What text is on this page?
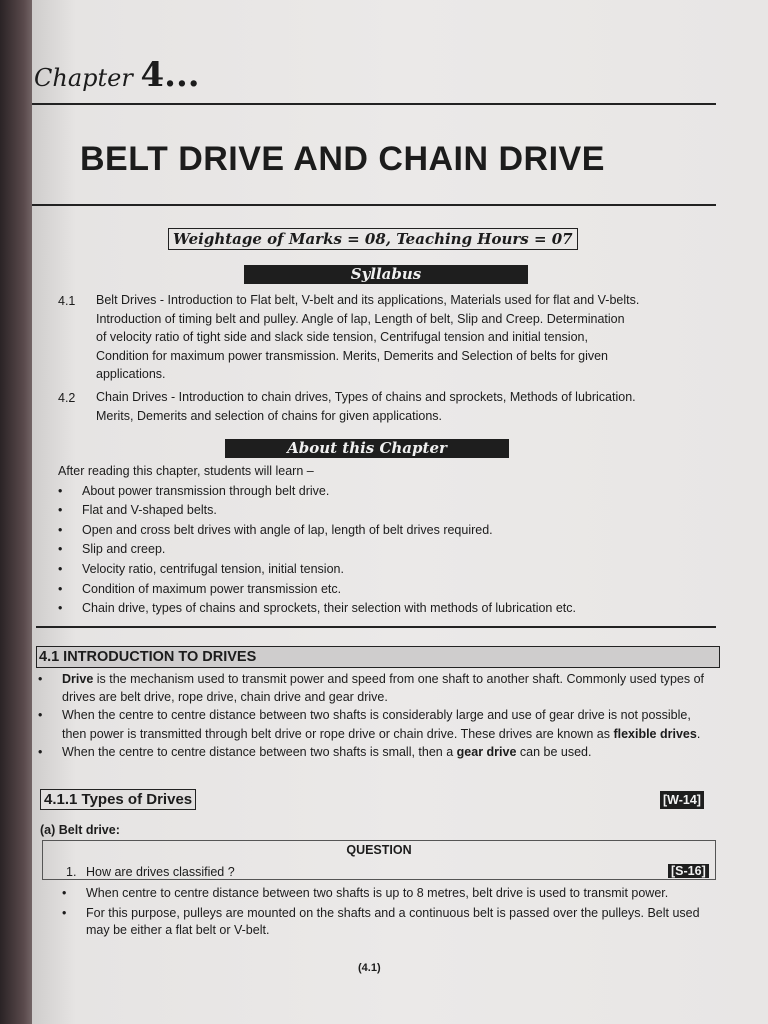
Chapter 4...
BELT DRIVE AND CHAIN DRIVE
Weightage of Marks = 08, Teaching Hours = 07
Syllabus
4.1 Belt Drives - Introduction to Flat belt, V-belt and its applications, Materials used for flat and V-belts.
Introduction of timing belt and pulley. Angle of lap, Length of belt, Slip and Creep. Determination
of velocity ratio of tight side and slack side tension, Centrifugal tension and initial tension,
Condition for maximum power transmission. Merits, Demerits and Selection of belts for given
applications.
4.2 Chain Drives - Introduction to chain drives, Types of chains and sprockets, Methods of lubrication.
Merits, Demerits and selection of chains for given applications.
About this Chapter
After reading this chapter, students will learn –
• About power transmission through belt drive.
• Flat and V-shaped belts.
• Open and cross belt drives with angle of lap, length of belt drives required.
• Slip and creep.
• Velocity ratio, centrifugal tension, initial tension.
• Condition of maximum power transmission etc.
• Chain drive, types of chains and sprockets, their selection with methods of lubrication etc.
4.1 INTRODUCTION TO DRIVES
• Drive is the mechanism used to transmit power and speed from one shaft to another shaft. Commonly used types of drives are belt drive, rope drive, chain drive and gear drive.
• When the centre to centre distance between two shafts is considerably large and use of gear drive is not possible, then power is transmitted through belt drive or rope drive or chain drive. These drives are known as flexible drives.
• When the centre to centre distance between two shafts is small, then a gear drive can be used.
4.1.1 Types of Drives	[W-14]
(a) Belt drive:
QUESTION
1. How are drives classified ?	[S-16]
• When centre to centre distance between two shafts is up to 8 metres, belt drive is used to transmit power.
• For this purpose, pulleys are mounted on the shafts and a continuous belt is passed over the pulleys. Belt used may be either a flat belt or V-belt.
(4.1)
